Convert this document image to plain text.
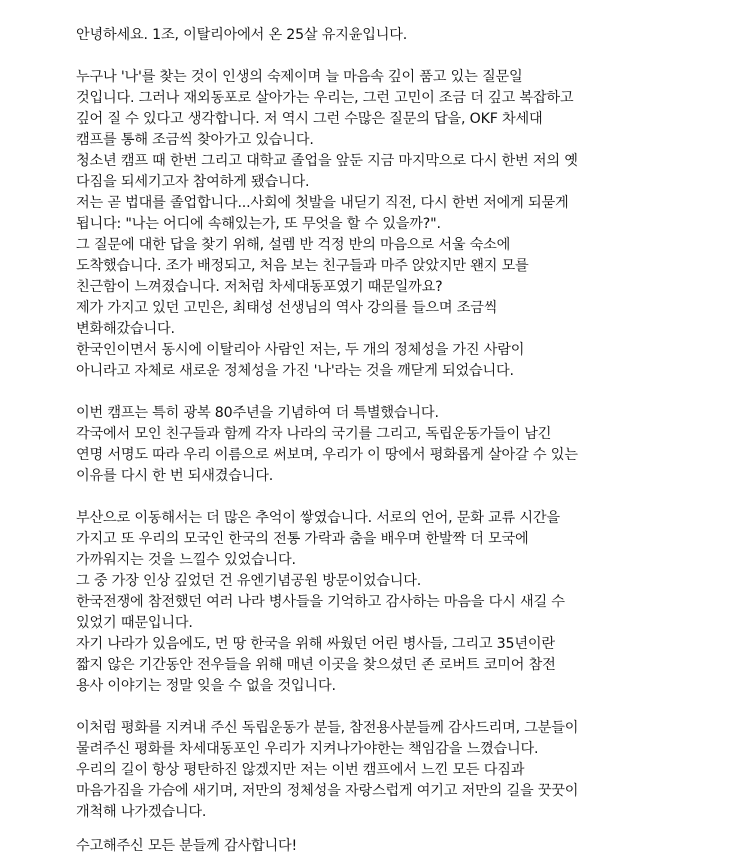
안녕하세요. 1조, 이탈리아에서 온 25살 유지윤입니다.
누구나 '나'를 찾는 것이 인생의 숙제이며 늘 마음속 깊이 품고 있는 질문일
것입니다. 그러나 재외동포로 살아가는 우리는, 그런 고민이 조금 더 깊고 복잡하고
깊어 질 수 있다고 생각합니다. 저 역시 그런 수많은 질문의 답을, OKF 차세대
캠프를 통해 조금씩 찾아가고 있습니다.
청소년 캠프 때 한번 그리고 대학교 졸업을 앞둔 지금 마지막으로 다시 한번 저의 옛
다짐을 되세기고자 참여하게 됐습니다.
저는 곧 법대를 졸업합니다...사회에 첫발을 내딛기 직전, 다시 한번 저에게 되묻게
됩니다: "나는 어디에 속해있는가, 또 무엇을 할 수 있을까?".
그 질문에 대한 답을 찾기 위해, 설렘 반 걱정 반의 마음으로 서울 숙소에
도착했습니다. 조가 배정되고, 처음 보는 친구들과 마주 앉았지만 왠지 모를
친근함이 느껴졌습니다. 저처럼 차세대동포였기 때문일까요?
제가 가지고 있던 고민은, 최태성 선생님의 역사 강의를 들으며 조금씩
변화해갔습니다.
한국인이면서 동시에 이탈리아 사람인 저는, 두 개의 정체성을 가진 사람이
아니라고 자체로 새로운 정체성을 가진 '나'라는 것을 깨닫게 되었습니다.
이번 캠프는 특히 광복 80주년을 기념하여 더 특별했습니다.
각국에서 모인 친구들과 함께 각자 나라의 국기를 그리고, 독립운동가들이 남긴
연명 서명도 따라 우리 이름으로 써보며, 우리가 이 땅에서 평화롭게 살아갈 수 있는
이유를 다시 한 번 되새겼습니다.
부산으로 이동해서는 더 많은 추억이 쌓였습니다. 서로의 언어, 문화 교류 시간을
가지고 또 우리의 모국인 한국의 전통 가락과 춤을 배우며 한발짝 더 모국에
가까워지는 것을 느낄수 있었습니다.
그 중 가장 인상 깊었던 건 유엔기념공원 방문이었습니다.
한국전쟁에 참전했던 여러 나라 병사들을 기억하고 감사하는 마음을 다시 새길 수
있었기 때문입니다.
자기 나라가 있음에도, 먼 땅 한국을 위해 싸웠던 어린 병사들, 그리고 35년이란
짧지 않은 기간동안 전우들을 위해 매년 이곳을 찾으셨던 존 로버트 코미어 참전
용사 이야기는 정말 잊을 수 없을 것입니다.
이처럼 평화를 지켜내 주신 독립운동가 분들, 참전용사분들께 감사드리며, 그분들이
물려주신 평화를 차세대동포인 우리가 지켜나가야한는 책임감을 느꼈습니다.
우리의 길이 항상 평탄하진 않겠지만 저는 이번 캠프에서 느낀 모든 다짐과
마음가짐을 가슴에 새기며, 저만의 정체성을 자랑스럽게 여기고 저만의 길을 꿋꿋이
개척해 나가겠습니다.
수고해주신 모든 분들께 감사합니다!
